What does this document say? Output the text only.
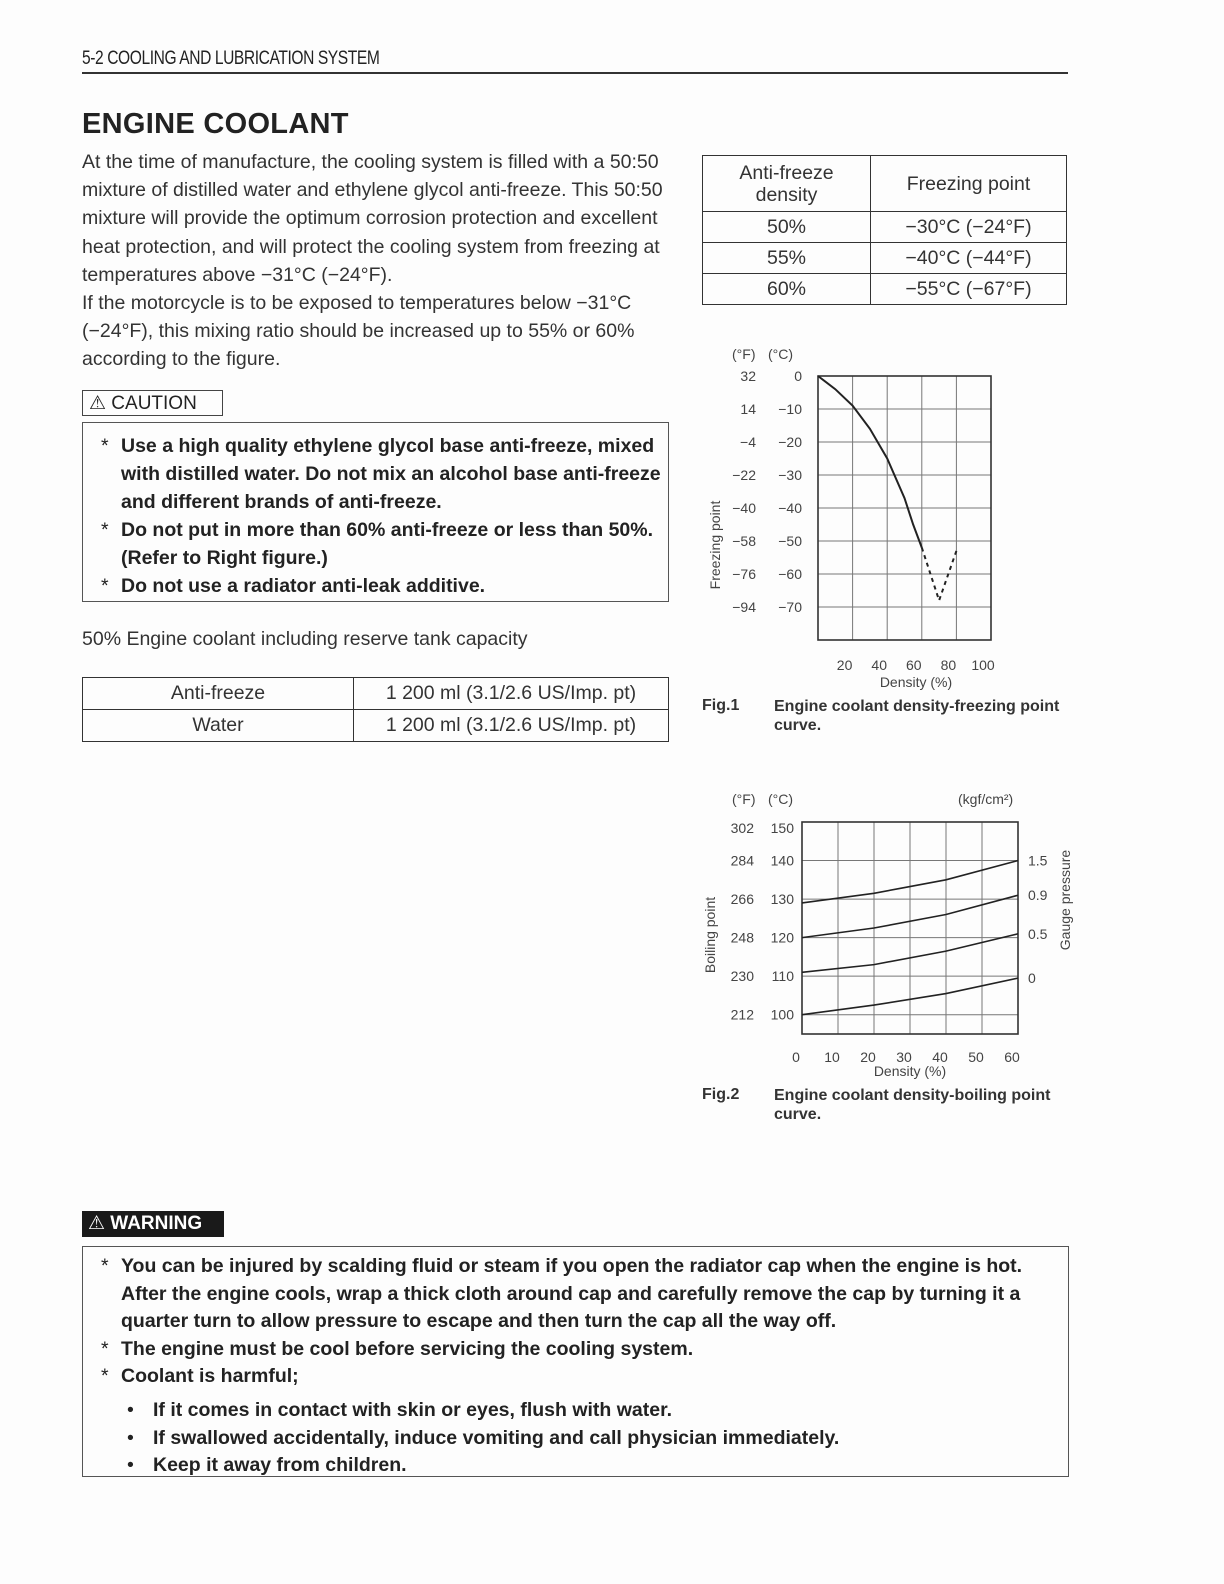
5-2 COOLING AND LUBRICATION SYSTEM
ENGINE COOLANT

At the time of manufacture, the cooling system is filled with a 50:50 mixture of distilled water and ethylene glycol anti-freeze. This 50:50 mixture will provide the optimum corrosion protection and excellent heat protection, and will protect the cooling system from freezing at temperatures above −31°C (−24°F).

If the motorcycle is to be exposed to temperatures below −31°C (−24°F), this mixing ratio should be increased up to 55% or 60% according to the figure.

⚠ CAUTION
* Use a high quality ethylene glycol base anti-freeze, mixed with distilled water. Do not mix an alcohol base anti-freeze and different brands of anti-freeze.
* Do not put in more than 60% anti-freeze or less than 50%. (Refer to Right figure.)
* Do not use a radiator anti-leak additive.
50% Engine coolant including reserve tank capacity
Anti-freeze	1 200 ml (3.1/2.6 US/Imp. pt)
Water	1 200 ml (3.1/2.6 US/Imp. pt)
Anti-freeze density	Freezing point
50%	−30°C (−24°F)
55%	−40°C (−44°F)
60%	−55°C (−67°F)
(°F) (°C)
32	0
14 −10
−4 −20
−22 −30
−40 −40
−58 −50
−76 −60
−94 −70
20 40 60 80 100
Density (%)
Freezing point
Fig.1 Engine coolant density-freezing point curve.
(°F) (°C)	(kgf/cm²)
302 150
284 140
266 130
248 120
230 110
212 100
1.5
0.9
0.5
0
0 10 20 30 40 50 60
Density (%)
Boiling point	Gauge pressure
Fig.2 Engine coolant density-boiling point curve.
⚠ WARNING
* You can be injured by scalding fluid or steam if you open the radiator cap when the engine is hot. After the engine cools, wrap a thick cloth around cap and carefully remove the cap by turning it a quarter turn to allow pressure to escape and then turn the cap all the way off.
* The engine must be cool before servicing the cooling system.
* Coolant is harmful;
• If it comes in contact with skin or eyes, flush with water.
• If swallowed accidentally, induce vomiting and call physician immediately.
• Keep it away from children.
